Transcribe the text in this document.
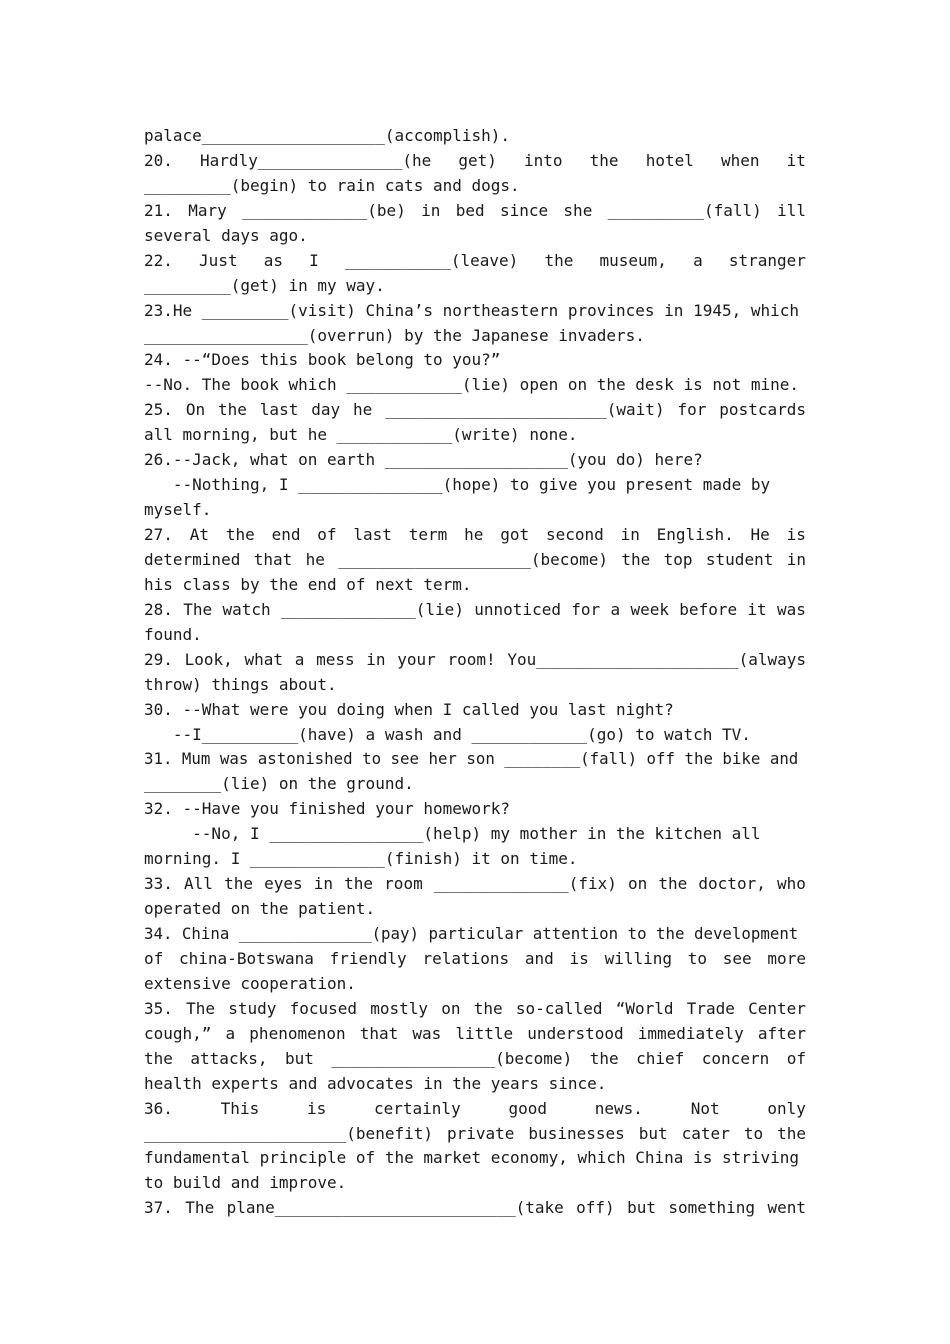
palace___________________(accomplish).
20. Hardly_______________(he get) into the hotel when it
_________(begin) to rain cats and dogs.
21. Mary _____________(be) in bed since she __________(fall) ill
several days ago.
22. Just as I ___________(leave) the museum, a stranger
_________(get) in my way.
23.He _________(visit) China’s northeastern provinces in 1945, which
_________________(overrun) by the Japanese invaders.
24. --“Does this book belong to you?”
--No. The book which ____________(lie) open on the desk is not mine.
25. On the last day he _______________________(wait) for postcards
all morning, but he ____________(write) none.
26.--Jack, what on earth ___________________(you do) here?
--Nothing, I _______________(hope) to give you present made by
myself.
27. At the end of last term he got second in English. He is
determined that he ____________________(become) the top student in
his class by the end of next term.
28. The watch ______________(lie) unnoticed for a week before it was
found.
29. Look, what a mess in your room! You_____________________(always
throw) things about.
30. --What were you doing when I called you last night?
--I__________(have) a wash and ____________(go) to watch TV.
31. Mum was astonished to see her son ________(fall) off the bike and
________(lie) on the ground.
32. --Have you finished your homework?
--No, I ________________(help) my mother in the kitchen all
morning. I ______________(finish) it on time.
33. All the eyes in the room ______________(fix) on the doctor, who
operated on the patient.
34. China ______________(pay) particular attention to the development
of china-Botswana friendly relations and is willing to see more
extensive cooperation.
35. The study focused mostly on the so-called “World Trade Center
cough,” a phenomenon that was little understood immediately after
the attacks, but _________________(become) the chief concern of
health experts and advocates in the years since.
36.	This	is	certainly	good	news.	Not	only
_____________________(benefit) private businesses but cater to the
fundamental principle of the market economy, which China is striving
to build and improve.
37. The plane_________________________(take off) but something went
